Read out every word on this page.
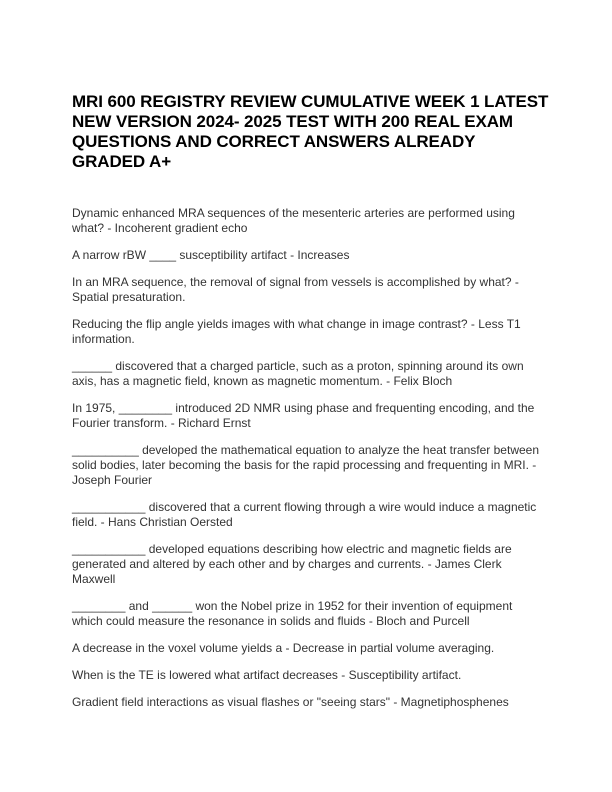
MRI 600 REGISTRY REVIEW CUMULATIVE WEEK 1 LATEST NEW VERSION 2024- 2025 TEST WITH 200 REAL EXAM QUESTIONS AND CORRECT ANSWERS ALREADY GRADED A+
Dynamic enhanced MRA sequences of the mesenteric arteries are performed using what? - Incoherent gradient echo
A narrow rBW ____ susceptibility artifact - Increases
In an MRA sequence, the removal of signal from vessels is accomplished by what? - Spatial presaturation.
Reducing the flip angle yields images with what change in image contrast? - Less T1 information.
______ discovered that a charged particle, such as a proton, spinning around its own axis, has a magnetic field, known as magnetic momentum. - Felix Bloch
In 1975, ________ introduced 2D NMR using phase and frequenting encoding, and the Fourier transform. - Richard Ernst
__________ developed the mathematical equation to analyze the heat transfer between solid bodies, later becoming the basis for the rapid processing and frequenting in MRI. - Joseph Fourier
___________ discovered that a current flowing through a wire would induce a magnetic field. - Hans Christian Oersted
___________ developed equations describing how electric and magnetic fields are generated and altered by each other and by charges and currents. - James Clerk Maxwell
________ and ______ won the Nobel prize in 1952 for their invention of equipment which could measure the resonance in solids and fluids - Bloch and Purcell
A decrease in the voxel volume yields a - Decrease in partial volume averaging.
When is the TE is lowered what artifact decreases - Susceptibility artifact.
Gradient field interactions as visual flashes or "seeing stars" - Magnetiphosphenes
